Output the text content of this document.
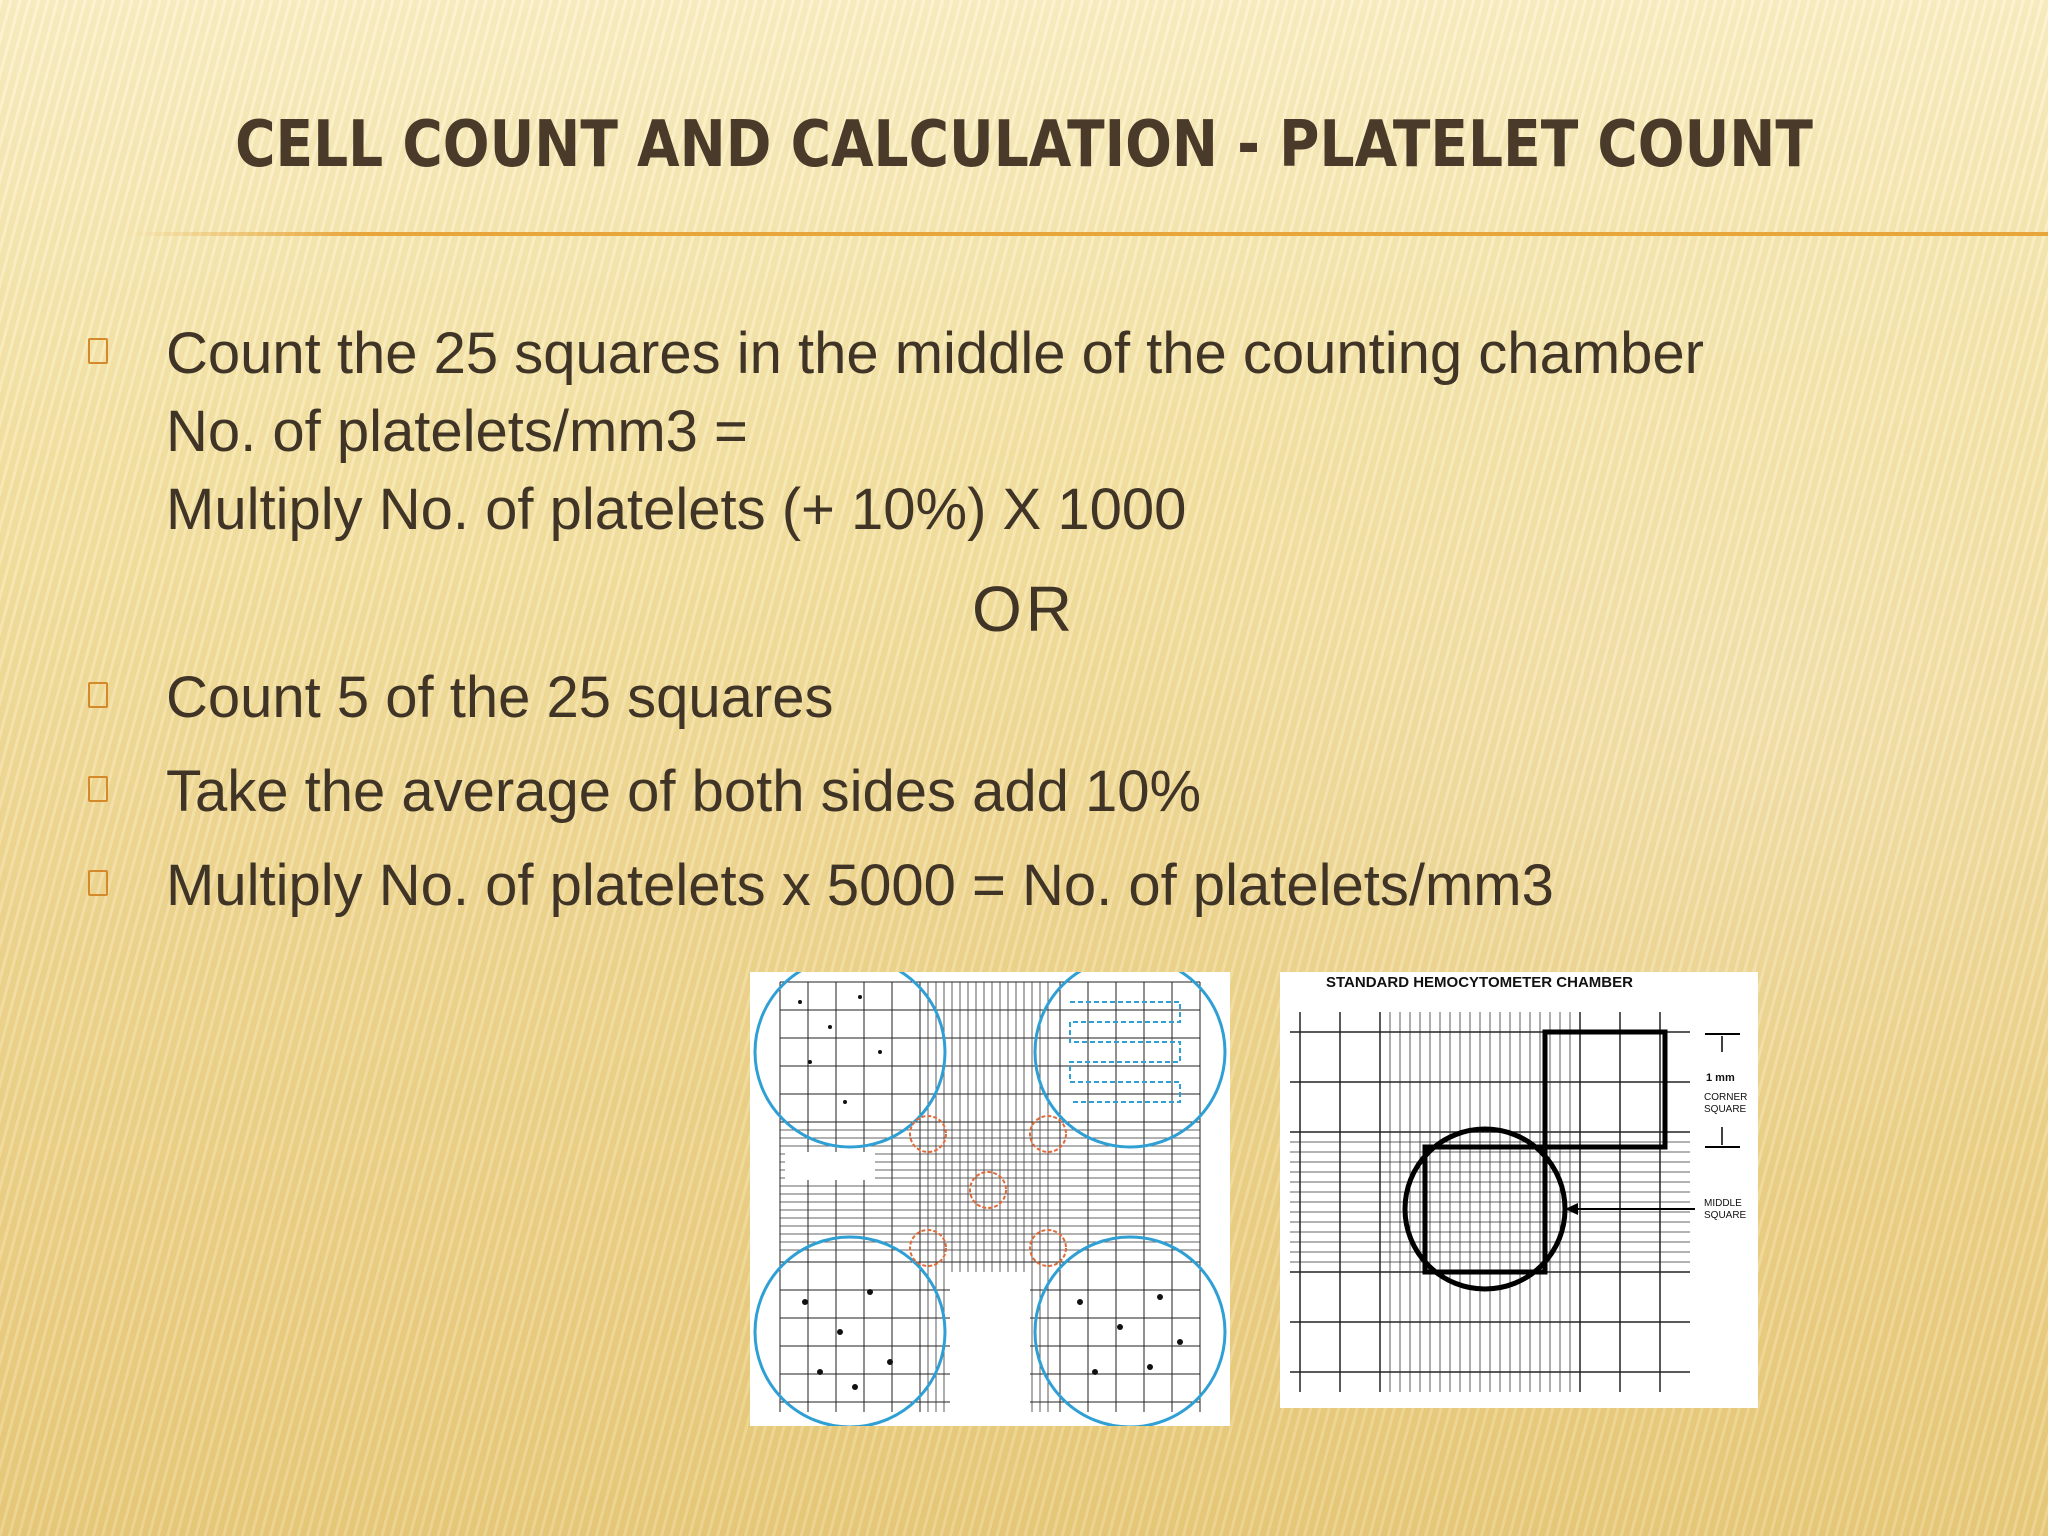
CELL COUNT AND CALCULATION - PLATELET COUNT
Count the 25 squares in the middle of the counting chamber
No. of platelets/mm3 =
Multiply No. of platelets (+ 10%) X 1000
OR
Count 5 of the 25 squares
Take the average of both sides add 10%
Multiply No. of platelets x 5000 = No. of platelets/mm3
STANDARD HEMOCYTOMETER CHAMBER
1 mm
CORNER
SQUARE
MIDDLE
SQUARE
